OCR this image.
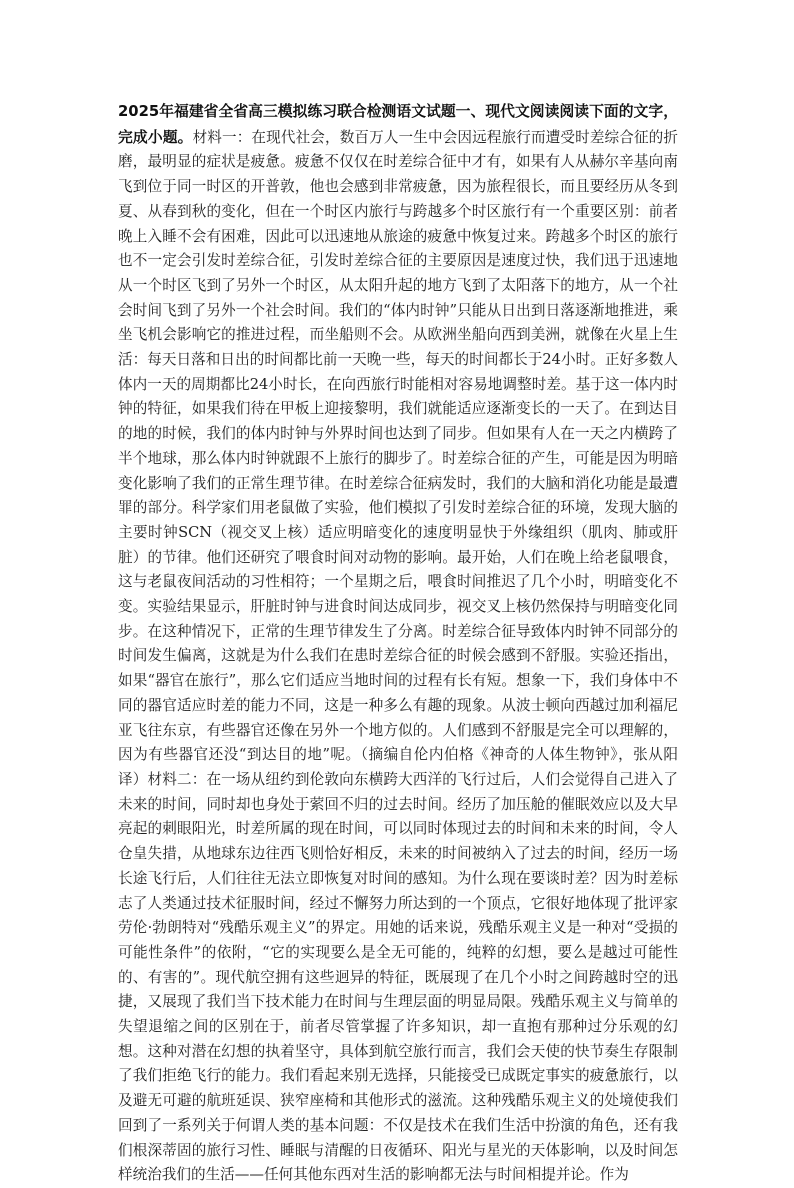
2025年福建省全省高三模拟练习联合检测语文试题一、现代文阅读阅读下面的文字，完成小题。材料一：在现代社会，数百万人一生中会因远程旅行而遭受时差综合征的折磨，最明显的症状是疲惫。疲惫不仅仅在时差综合征中才有，如果有人从赫尔辛基向南飞到位于同一时区的开普敦，他也会感到非常疲惫，因为旅程很长，而且要经历从冬到夏、从春到秋的变化，但在一个时区内旅行与跨越多个时区旅行有一个重要区别：前者晚上入睡不会有困难，因此可以迅速地从旅途的疲惫中恢复过来。跨越多个时区的旅行也不一定会引发时差综合征，引发时差综合征的主要原因是速度过快，我们迅于迅速地从一个时区飞到了另外一个时区，从太阳升起的地方飞到了太阳落下的地方，从一个社会时间飞到了另外一个社会时间。我们的“体内时钟”只能从日出到日落逐渐地推进，乘坐飞机会影响它的推进过程，而坐船则不会。从欧洲坐船向西到美洲，就像在火星上生活：每天日落和日出的时间都比前一天晚一些，每天的时间都长于24小时。正好多数人体内一天的周期都比24小时长，在向西旅行时能相对容易地调整时差。基于这一体内时钟的特征，如果我们待在甲板上迎接黎明，我们就能适应逐渐变长的一天了。在到达目的地的时候，我们的体内时钟与外界时间也达到了同步。但如果有人在一天之内横跨了半个地球，那么体内时钟就跟不上旅行的脚步了。时差综合征的产生，可能是因为明暗变化影响了我们的正常生理节律。在时差综合征病发时，我们的大脑和消化功能是最遭罪的部分。科学家们用老鼠做了实验，他们模拟了引发时差综合征的环境，发现大脑的主要时钟SCN（视交叉上核）适应明暗变化的速度明显快于外缘组织（肌肉、肺或肝脏）的节律。他们还研究了喂食时间对动物的影响。最开始，人们在晚上给老鼠喂食，这与老鼠夜间活动的习性相符；一个星期之后，喂食时间推迟了几个小时，明暗变化不变。实验结果显示，肝脏时钟与进食时间达成同步，视交叉上核仍然保持与明暗变化同步。在这种情况下，正常的生理节律发生了分离。时差综合征导致体内时钟不同部分的时间发生偏离，这就是为什么我们在患时差综合征的时候会感到不舒服。实验还指出，如果“器官在旅行”，那么它们适应当地时间的过程有长有短。想象一下，我们身体中不同的器官适应时差的能力不同，这是一种多么有趣的现象。从波士顿向西越过加利福尼亚飞往东京，有些器官还像在另外一个地方似的。人们感到不舒服是完全可以理解的，因为有些器官还没“到达目的地”呢。（摘编自伦内伯格《神奇的人体生物钟》，张从阳译）材料二：在一场从纽约到伦敦向东横跨大西洋的飞行过后，人们会觉得自己进入了未来的时间，同时却也身处于萦回不归的过去时间。经历了加压舱的催眠效应以及大早亮起的刺眼阳光，时差所属的现在时间，可以同时体现过去的时间和未来的时间，令人仓皇失措，从地球东边往西飞则恰好相反，未来的时间被纳入了过去的时间，经历一场长途飞行后，人们往往无法立即恢复对时间的感知。为什么现在要谈时差？因为时差标志了人类通过技术征服时间，经过不懈努力所达到的一个顶点，它很好地体现了批评家劳伦·勃朗特对“残酷乐观主义”的界定。用她的话来说，残酷乐观主义是一种对“受损的可能性条件”的依附，“它的实现要么是全无可能的，纯粹的幻想，要么是越过可能性的、有害的”。现代航空拥有这些迥异的特征，既展现了在几个小时之间跨越时空的迅捷，又展现了我们当下技术能力在时间与生理层面的明显局限。残酷乐观主义与简单的失望退缩之间的区别在于，前者尽管掌握了许多知识，却一直抱有那种过分乐观的幻想。这种对潜在幻想的执着坚守，具体到航空旅行而言，我们会天使的快节奏生存限制了我们拒绝飞行的能力。我们看起来别无选择，只能接受已成既定事实的疲惫旅行，以及避无可避的航班延误、狭窄座椅和其他形式的滋流。这种残酷乐观主义的处境使我们回到了一系列关于何谓人类的基本问题：不仅是技术在我们生活中扮演的角色，还有我们根深蒂固的旅行习性、睡眠与清醒的日夜循环、阳光与星光的天体影响，以及时间怎样统治我们的生活——任何其他东西对生活的影响都无法与时间相提并论。作为
